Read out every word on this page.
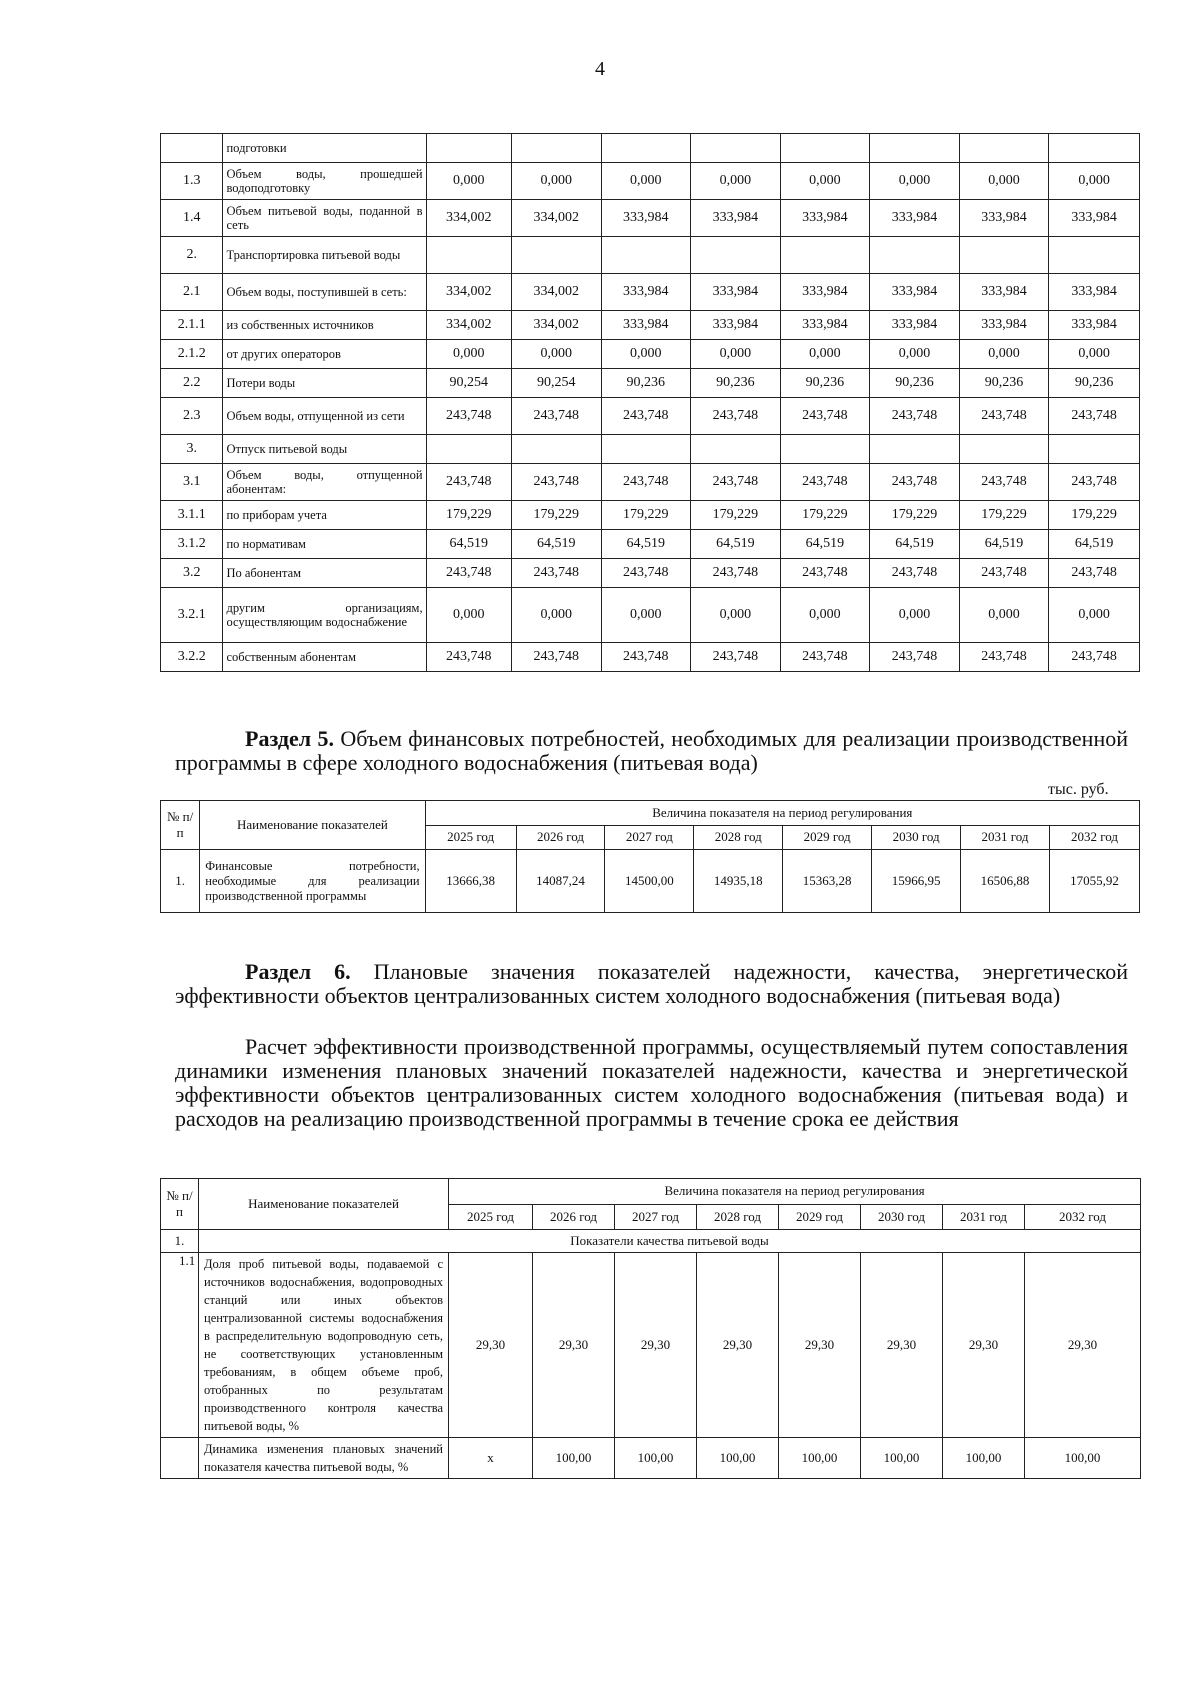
4
	подготовки								
1.3	Объем воды, прошедшей водоподготовку	0,000	0,000	0,000	0,000	0,000	0,000	0,000	0,000
1.4	Объем питьевой воды, поданной в сеть	334,002	334,002	333,984	333,984	333,984	333,984	333,984	333,984
2.	Транспортировка питьевой воды								
2.1	Объем воды, поступившей в сеть:	334,002	334,002	333,984	333,984	333,984	333,984	333,984	333,984
2.1.1	из собственных источников	334,002	334,002	333,984	333,984	333,984	333,984	333,984	333,984
2.1.2	от других операторов	0,000	0,000	0,000	0,000	0,000	0,000	0,000	0,000
2.2	Потери воды	90,254	90,254	90,236	90,236	90,236	90,236	90,236	90,236
2.3	Объем воды, отпущенной из сети	243,748	243,748	243,748	243,748	243,748	243,748	243,748	243,748
3.	Отпуск питьевой воды								
3.1	Объем воды, отпущенной абонентам:	243,748	243,748	243,748	243,748	243,748	243,748	243,748	243,748
3.1.1	по приборам учета	179,229	179,229	179,229	179,229	179,229	179,229	179,229	179,229
3.1.2	по нормативам	64,519	64,519	64,519	64,519	64,519	64,519	64,519	64,519
3.2	По абонентам	243,748	243,748	243,748	243,748	243,748	243,748	243,748	243,748
3.2.1	другим организациям, осуществляющим водоснабжение	0,000	0,000	0,000	0,000	0,000	0,000	0,000	0,000
3.2.2	собственным абонентам	243,748	243,748	243,748	243,748	243,748	243,748	243,748	243,748
Раздел 5. Объем финансовых потребностей, необходимых для реализации производственной программы в сфере холодного водоснабжения (питьевая вода)
тыс. руб.
№ п/ п	Наименование показателей	Величина показателя на период регулирования							
		2025 год	2026 год	2027 год	2028 год	2029 год	2030 год	2031 год	2032 год
1.	Финансовые потребности, необходимые для реализации производственной программы	13666,38	14087,24	14500,00	14935,18	15363,28	15966,95	16506,88	17055,92
Раздел 6. Плановые значения показателей надежности, качества, энергетической эффективности объектов централизованных систем холодного водоснабжения (питьевая вода)
Расчет эффективности производственной программы, осуществляемый путем сопоставления динамики изменения плановых значений показателей надежности, качества и энергетической эффективности объектов централизованных систем холодного водоснабжения (питьевая вода) и расходов на реализацию производственной программы в течение срока ее действия
№ п/ п	Наименование показателей	Величина показателя на период регулирования							
		2025 год	2026 год	2027 год	2028 год	2029 год	2030 год	2031 год	2032 год
1.	Показатели качества питьевой воды								
1.1	Доля проб питьевой воды, подаваемой с источников водоснабжения, водопроводных станций или иных объектов централизованной системы водоснабжения в распределительную водопроводную сеть, не соответствующих установленным требованиям, в общем объеме проб, отобранных по результатам производственного контроля качества питьевой воды, %	29,30	29,30	29,30	29,30	29,30	29,30	29,30	29,30
	Динамика изменения плановых значений показателя качества питьевой воды, %	х	100,00	100,00	100,00	100,00	100,00	100,00	100,00
